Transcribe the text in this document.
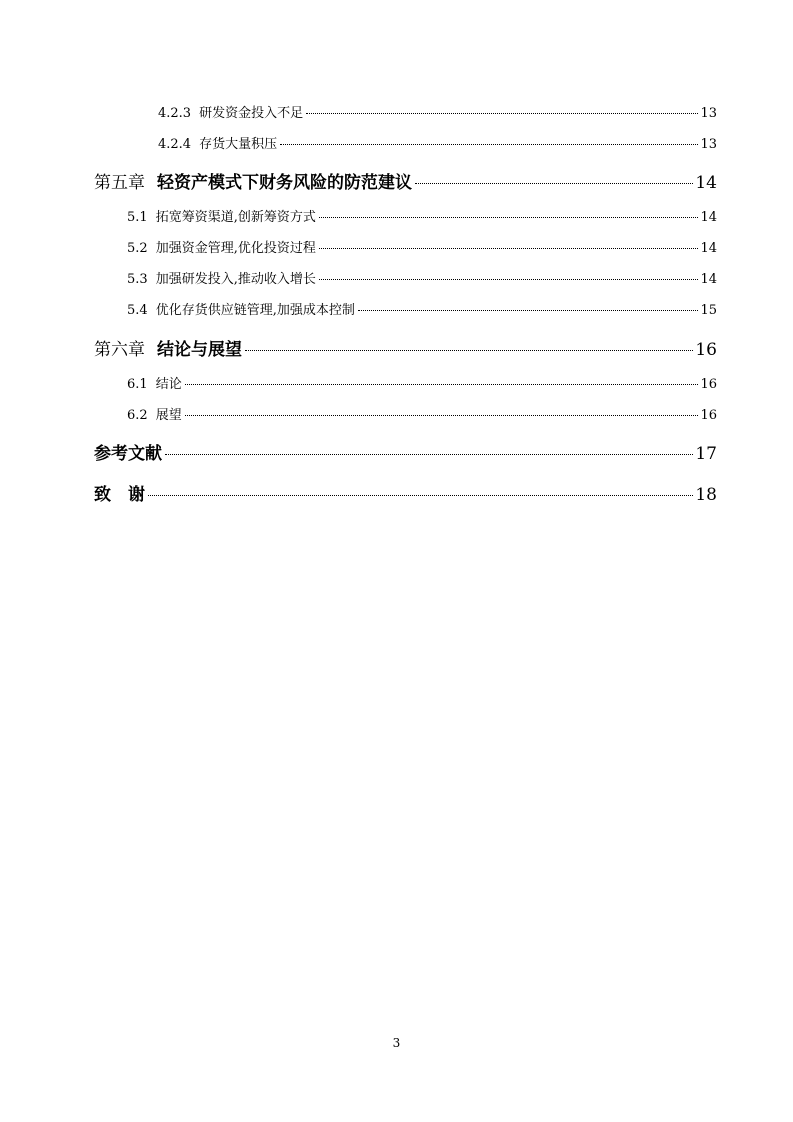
4.2.3 研发资金投入不足	13
4.2.4 存货大量积压	13
第五章 轻资产模式下财务风险的防范建议	14
5.1 拓宽筹资渠道,创新筹资方式	14
5.2 加强资金管理,优化投资过程	14
5.3 加强研发投入,推动收入增长	14
5.4 优化存货供应链管理,加强成本控制	15
第六章 结论与展望	16
6.1 结论	16
6.2 展望	16
参考文献	17
致　谢	18
3
